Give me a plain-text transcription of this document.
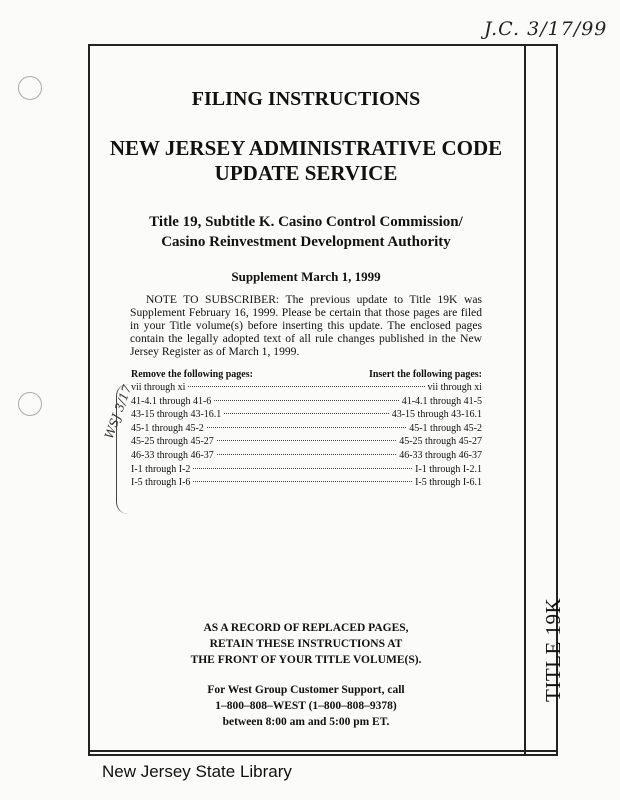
J.C. 3/17/99
TITLE 19K
FILING INSTRUCTIONS
NEW JERSEY ADMINISTRATIVE CODE
UPDATE SERVICE
Title 19, Subtitle K. Casino Control Commission/
Casino Reinvestment Development Authority
Supplement March 1, 1999
NOTE TO SUBSCRIBER: The previous update to Title 19K was Supplement February 16, 1999. Please be certain that those pages are filed in your Title volume(s) before inserting this update. The enclosed pages contain the legally adopted text of all rule changes published in the New Jersey Register as of March 1, 1999.
WSJ 3/17
Remove the following pages:	Insert the following pages:
vii through xi	vii through xi
41-4.1 through 41-6	41-4.1 through 41-5
43-15 through 43-16.1	43-15 through 43-16.1
45-1 through 45-2	45-1 through 45-2
45-25 through 45-27	45-25 through 45-27
46-33 through 46-37	46-33 through 46-37
I-1 through I-2	I-1 through I-2.1
I-5 through I-6	I-5 through I-6.1
AS A RECORD OF REPLACED PAGES,
RETAIN THESE INSTRUCTIONS AT
THE FRONT OF YOUR TITLE VOLUME(S).
For West Group Customer Support, call
1–800–808–WEST (1–800–808–9378)
between 8:00 am and 5:00 pm ET.
New Jersey State Library
